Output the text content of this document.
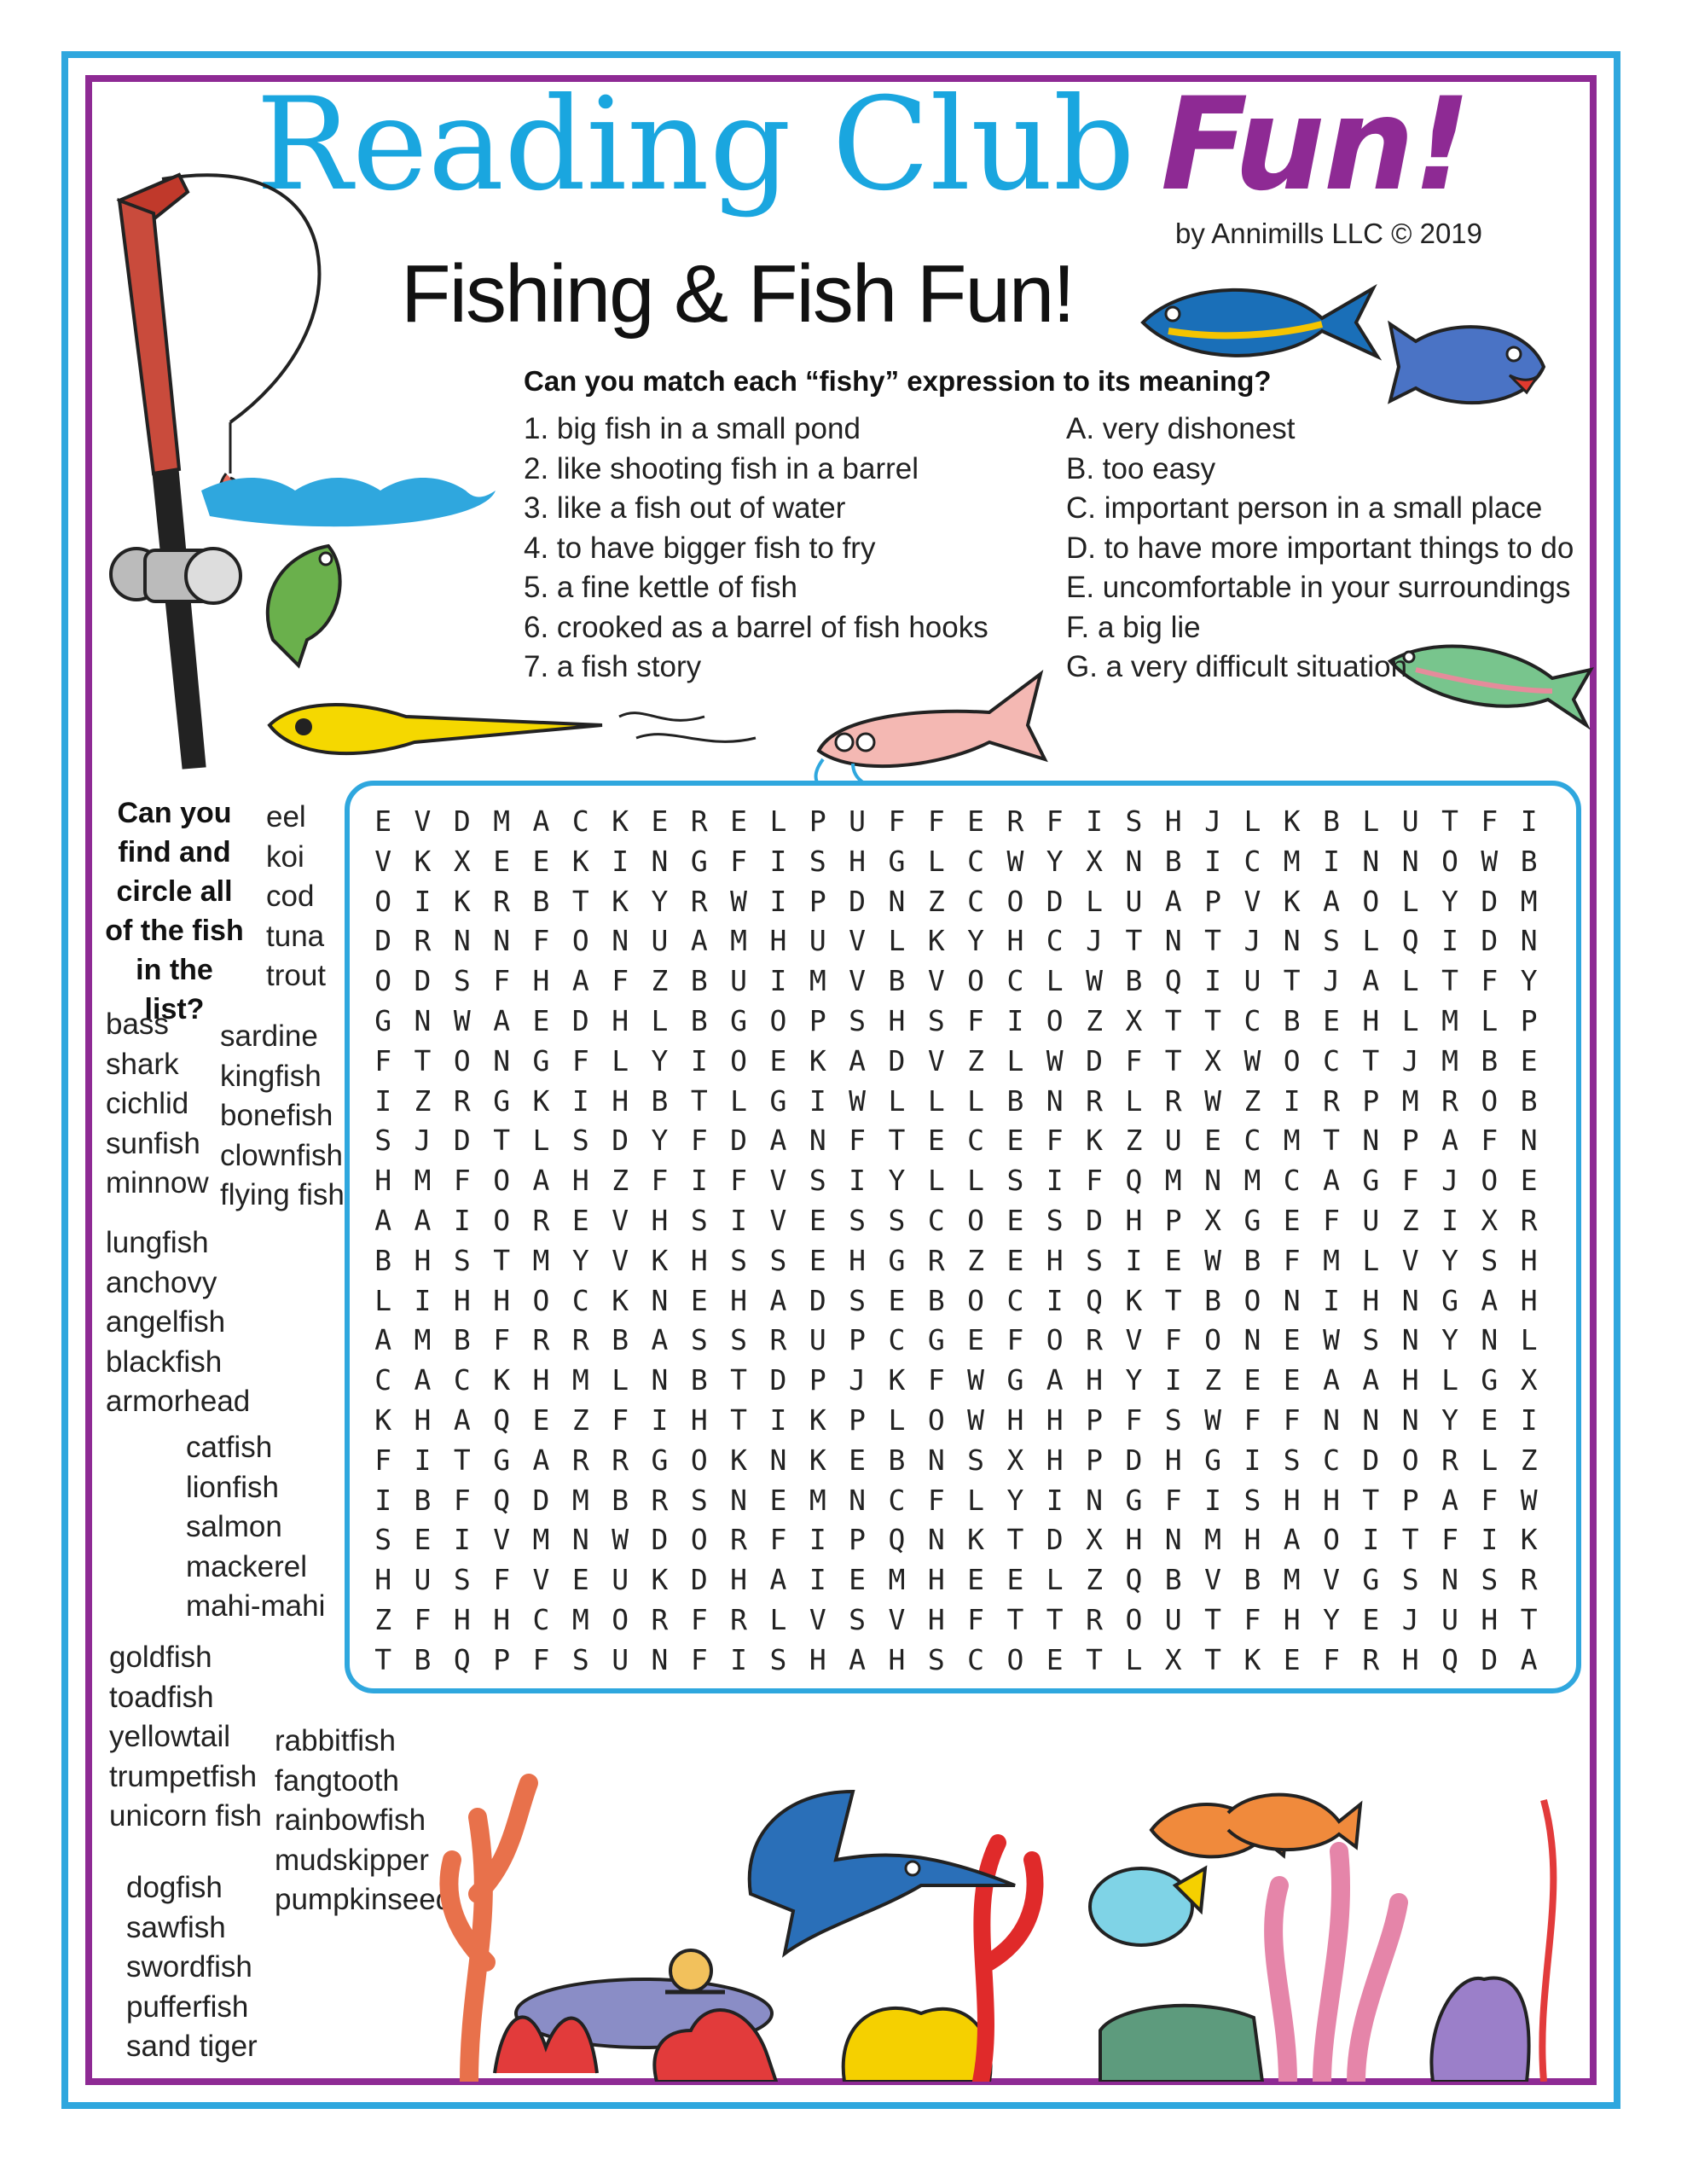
Reading Club Fun!
by Annimills LLC © 2019
Fishing & Fish Fun!
Can you match each “fishy” expression to its meaning?
1. big fish in a small pond
2. like shooting fish in a barrel
3. like a fish out of water
4. to have bigger fish to fry
5. a fine kettle of fish
6. crooked as a barrel of fish hooks
7. a fish story
A. very dishonest
B. too easy
C. important person in a small place
D. to have more important things to do
E. uncomfortable in your surroundings
F. a big lie
G. a very difficult situation
Can you
find and
circle all
of the fish
in the list?
eel
koi
cod
tuna
trout
bass
shark
cichlid
sunfish
minnow
sardine
kingfish
bonefish
clownfish
flying fish
lungfish
anchovy
angelfish
blackfish
armorhead
catfish
lionfish
salmon
mackerel
mahi-mahi
goldfish
toadfish
yellowtail
trumpetfish
unicorn fish
rabbitfish
fangtooth
rainbowfish
mudskipper
pumpkinseed
dogfish
sawfish
swordfish
pufferfish
sand tiger
E V D M A C K E R E L P U F F E R F I S H J L K B L U T F I
V K X E E K I N G F I S H G L C W Y X N B I C M I N N O W B
O I K R B T K Y R W I P D N Z C O D L U A P V K A O L Y D M
D R N N F O N U A M H U V L K Y H C J T N T J N S L Q I D N
O D S F H A F Z B U I M V B V O C L W B Q I U T J A L T F Y
G N W A E D H L B G O P S H S F I O Z X T T C B E H L M L P
F T O N G F L Y I O E K A D V Z L W D F T X W O C T J M B E
I Z R G K I H B T L G I W L L L B N R L R W Z I R P M R O B
S J D T L S D Y F D A N F T E C E F K Z U E C M T N P A F N
H M F O A H Z F I F V S I Y L L S I F Q M N M C A G F J O E
A A I O R E V H S I V E S S C O E S D H P X G E F U Z I X R
B H S T M Y V K H S S E H G R Z E H S I E W B F M L V Y S H
L I H H O C K N E H A D S E B O C I Q K T B O N I H N G A H
A M B F R R B A S S R U P C G E F O R V F O N E W S N Y N L
C A C K H M L N B T D P J K F W G A H Y I Z E E A A H L G X
K H A Q E Z F I H T I K P L O W H H P F S W F F N N N Y E I
F I T G A R R G O K N K E B N S X H P D H G I S C D O R L Z
I B F Q D M B R S N E M N C F L Y I N G F I S H H T P A F W
S E I V M N W D O R F I P Q N K T D X H N M H A O I T F I K
H U S F V E U K D H A I E M H E E L Z Q B V B M V G S N S R
Z F H H C M O R F R L V S V H F T T R O U T F H Y E J U H T
T B Q P F S U N F I S H A H S C O E T L X T K E F R H Q D A
